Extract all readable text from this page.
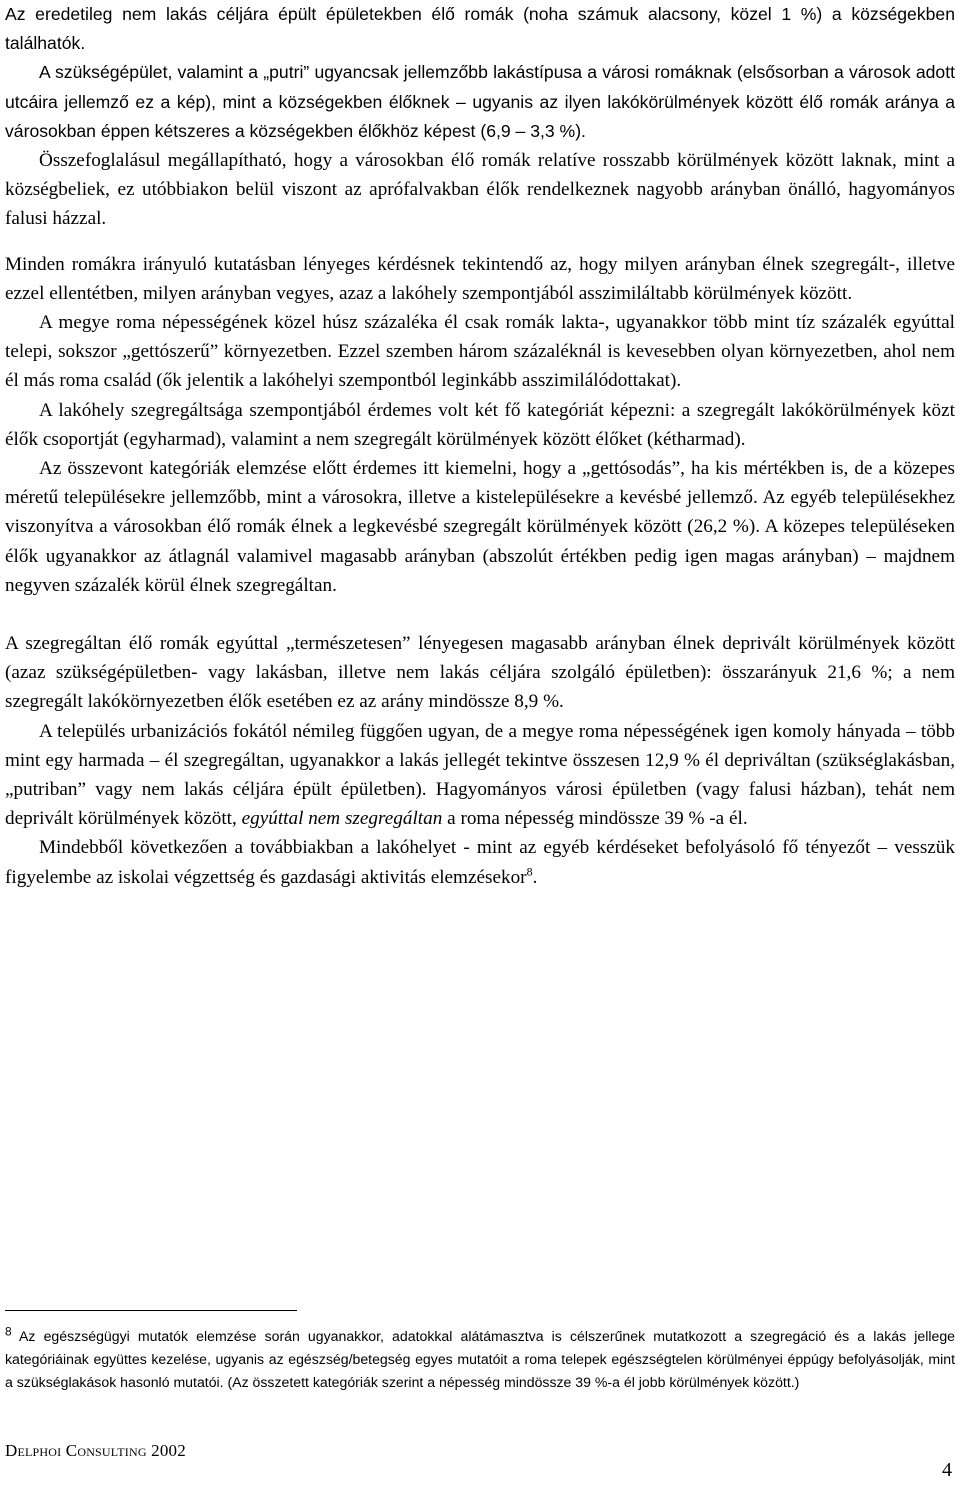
Az eredetileg nem lakás céljára épült épületekben élő romák (noha számuk alacsony, közel 1 %) a községekben találhatók.

A szükségépület, valamint a „putri” ugyancsak jellemzőbb lakástípusa a városi romáknak (elsősorban a városok adott utcáira jellemző ez a kép), mint a községekben élőknek – ugyanis az ilyen lakókörülmények között élő romák aránya a városokban éppen kétszeres a községekben élőkhöz képest (6,9 – 3,3 %).

Összefoglalásul megállapítható, hogy a városokban élő romák relatíve rosszabb körülmények között laknak, mint a községbeliek, ez utóbbiakon belül viszont az aprófalvakban élők rendelkeznek nagyobb arányban önálló, hagyományos falusi házzal.

Minden romákra irányuló kutatásban lényeges kérdésnek tekintendő az, hogy milyen arányban élnek szegregált-, illetve ezzel ellentétben, milyen arányban vegyes, azaz a lakóhely szempontjából asszimiláltabb körülmények között.

A megye roma népességének közel húsz százaléka él csak romák lakta-, ugyanakkor több mint tíz százalék egyúttal telepi, sokszor „gettószerű” környezetben. Ezzel szemben három százaléknál is kevesebben olyan környezetben, ahol nem él más roma család (ők jelentik a lakóhelyi szempontból leginkább asszimilálódottakat).

A lakóhely szegregáltsága szempontjából érdemes volt két fő kategóriát képezni: a szegregált lakókörülmények közt élők csoportját (egyharmad), valamint a nem szegregált körülmények között élőket (kétharmad).

Az összevont kategóriák elemzése előtt érdemes itt kiemelni, hogy a „gettósodás”, ha kis mértékben is, de a közepes méretű településekre jellemzőbb, mint a városokra, illetve a kistelepülésekre a kevésbé jellemző. Az egyéb településekhez viszonyítva a városokban élő romák élnek a legkevésbé szegregált körülmények között (26,2 %). A közepes településeken élők ugyanakkor az átlagnál valamivel magasabb arányban (abszolút értékben pedig igen magas arányban) – majdnem negyven százalék körül élnek szegregáltan.

A szegregáltan élő romák egyúttal „természetesen” lényegesen magasabb arányban élnek deprivált körülmények között (azaz szükségépületben- vagy lakásban, illetve nem lakás céljára szolgáló épületben): összarányuk 21,6 %; a nem szegregált lakókörnyezetben élők esetében ez az arány mindössze 8,9 %.

A település urbanizációs fokától némileg függően ugyan, de a megye roma népességének igen komoly hányada – több mint egy harmada – él szegregáltan, ugyanakkor a lakás jellegét tekintve összesen 12,9 % él depriváltan (szükséglakásban, „putriban” vagy nem lakás céljára épült épületben). Hagyományos városi épületben (vagy falusi házban), tehát nem deprivált körülmények között, egyúttal nem szegregáltan a roma népesség mindössze 39 % -a él.

Mindebből következően a továbbiakban a lakóhelyet - mint az egyéb kérdéseket befolyásoló fő tényezőt – vesszük figyelembe az iskolai végzettség és gazdasági aktivitás elemzésekor$^8$.

$^8$ Az egészségügyi mutatók elemzése során ugyanakkor, adatokkal alátámasztva is célszerűnek mutatkozott a szegregáció és a lakás jellege kategóriáinak együttes kezelése, ugyanis az egészség/betegség egyes mutatóit a roma telepek egészségtelen körülményei éppúgy befolyásolják, mint a szükséglakások hasonló mutatói. (Az összetett kategóriák szerint a népesség mindössze 39 %-a él jobb körülmények között.)

Delphoi Consulting 2002
4
